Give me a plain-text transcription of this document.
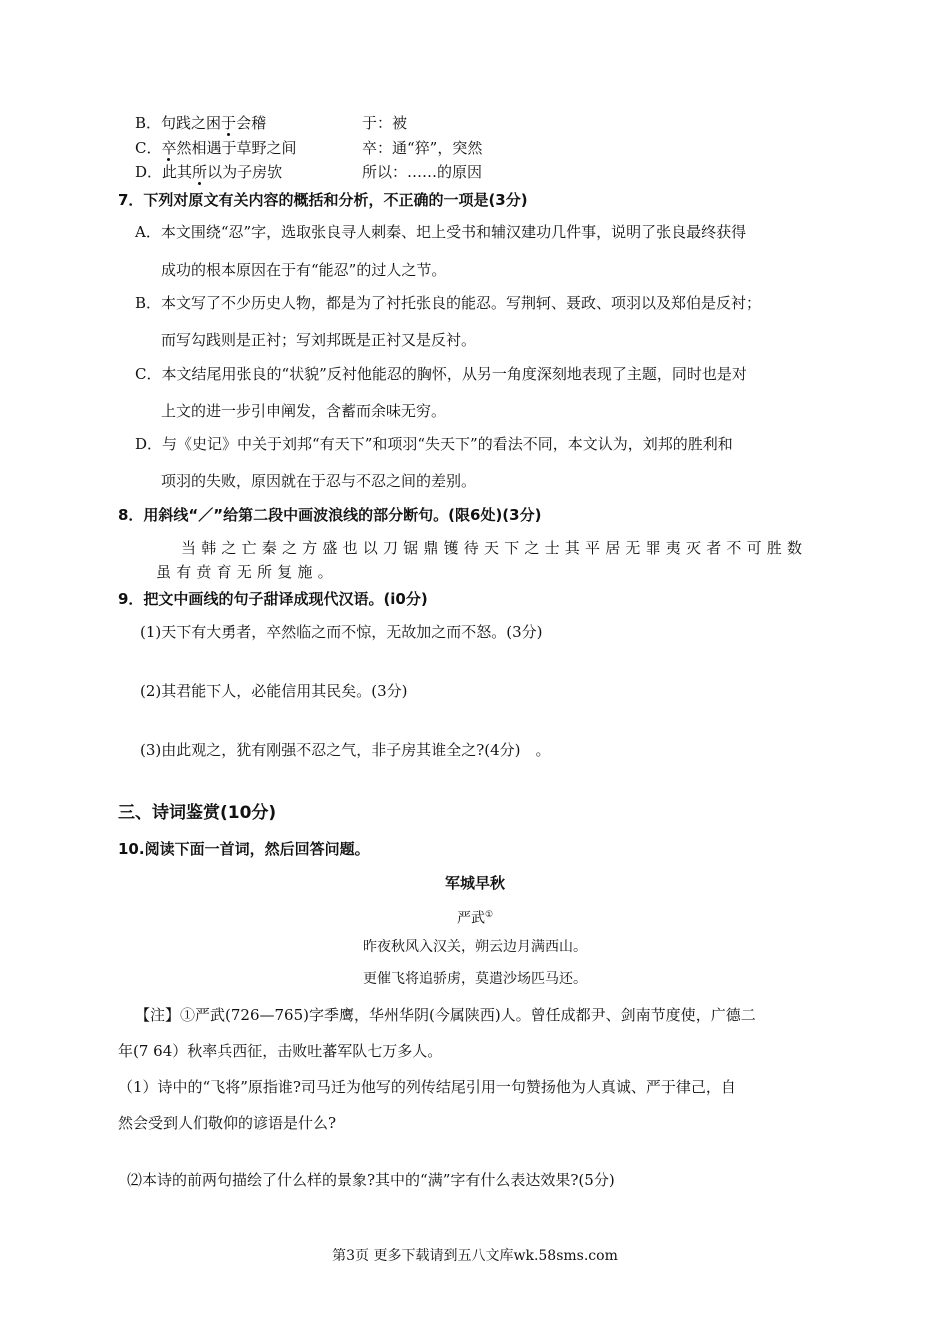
B．句践之困于会稽	于：被
C．卒然相遇于草野之间	卒：通“猝”，突然
D．此其所以为子房欤	所以：……的原因
7．下列对原文有关内容的概括和分析，不正确的一项是(3分)
A．本文围绕“忍”字，选取张良寻人刺秦、圯上受书和辅汉建功几件事，说明了张良最终获得
成功的根本原因在于有“能忍”的过人之节。
B．本文写了不少历史人物，都是为了衬托张良的能忍。写荆轲、聂政、项羽以及郑伯是反衬；
而写勾践则是正衬；写刘邦既是正衬又是反衬。
C．本文结尾用张良的“状貌”反衬他能忍的胸怀，从另一角度深刻地表现了主题，同时也是对
上文的进一步引申阐发，含蓄而余味无穷。
D．与《史记》中关于刘邦“有天下”和项羽“失天下”的看法不同，本文认为，刘邦的胜利和
项羽的失败，原因就在于忍与不忍之间的差别。
8．用斜线“／”给第二段中画波浪线的部分断句。(限6处)(3分)
当韩之亡秦之方盛也以刀锯鼎镬待天下之士其平居无罪夷灭者不可胜数
虽有贲育无所复施。
9．把文中画线的句子甜译成现代汉语。(i0分)
(1)天下有大勇者，卒然临之而不惊，无故加之而不怒。(3分)
(2)其君能下人，必能信用其民矣。(3分)
(3)由此观之，犹有刚强不忍之气，非子房其谁全之?(4分)　。
三、诗词鉴赏(10分)
10.阅读下面一首词，然后回答问题。
军城早秋
严武①
昨夜秋风入汉关，朔云边月满西山。
更催飞将追骄虏，莫遣沙场匹马还。
【注】①严武(726—765)字季鹰，华州华阴(今属陕西)人。曾任成都尹、剑南节度使，广德二
年(7 64）秋率兵西征，击败吐蕃军队七万多人。
（1）诗中的“飞将”原指谁?司马迁为他写的列传结尾引用一句赞扬他为人真诚、严于律己，自
然会受到人们敬仰的谚语是什么?
⑵本诗的前两句描绘了什么样的景象?其中的“满”字有什么表达效果?(5分)
第3页 更多下载请到五八文库wk.58sms.com
